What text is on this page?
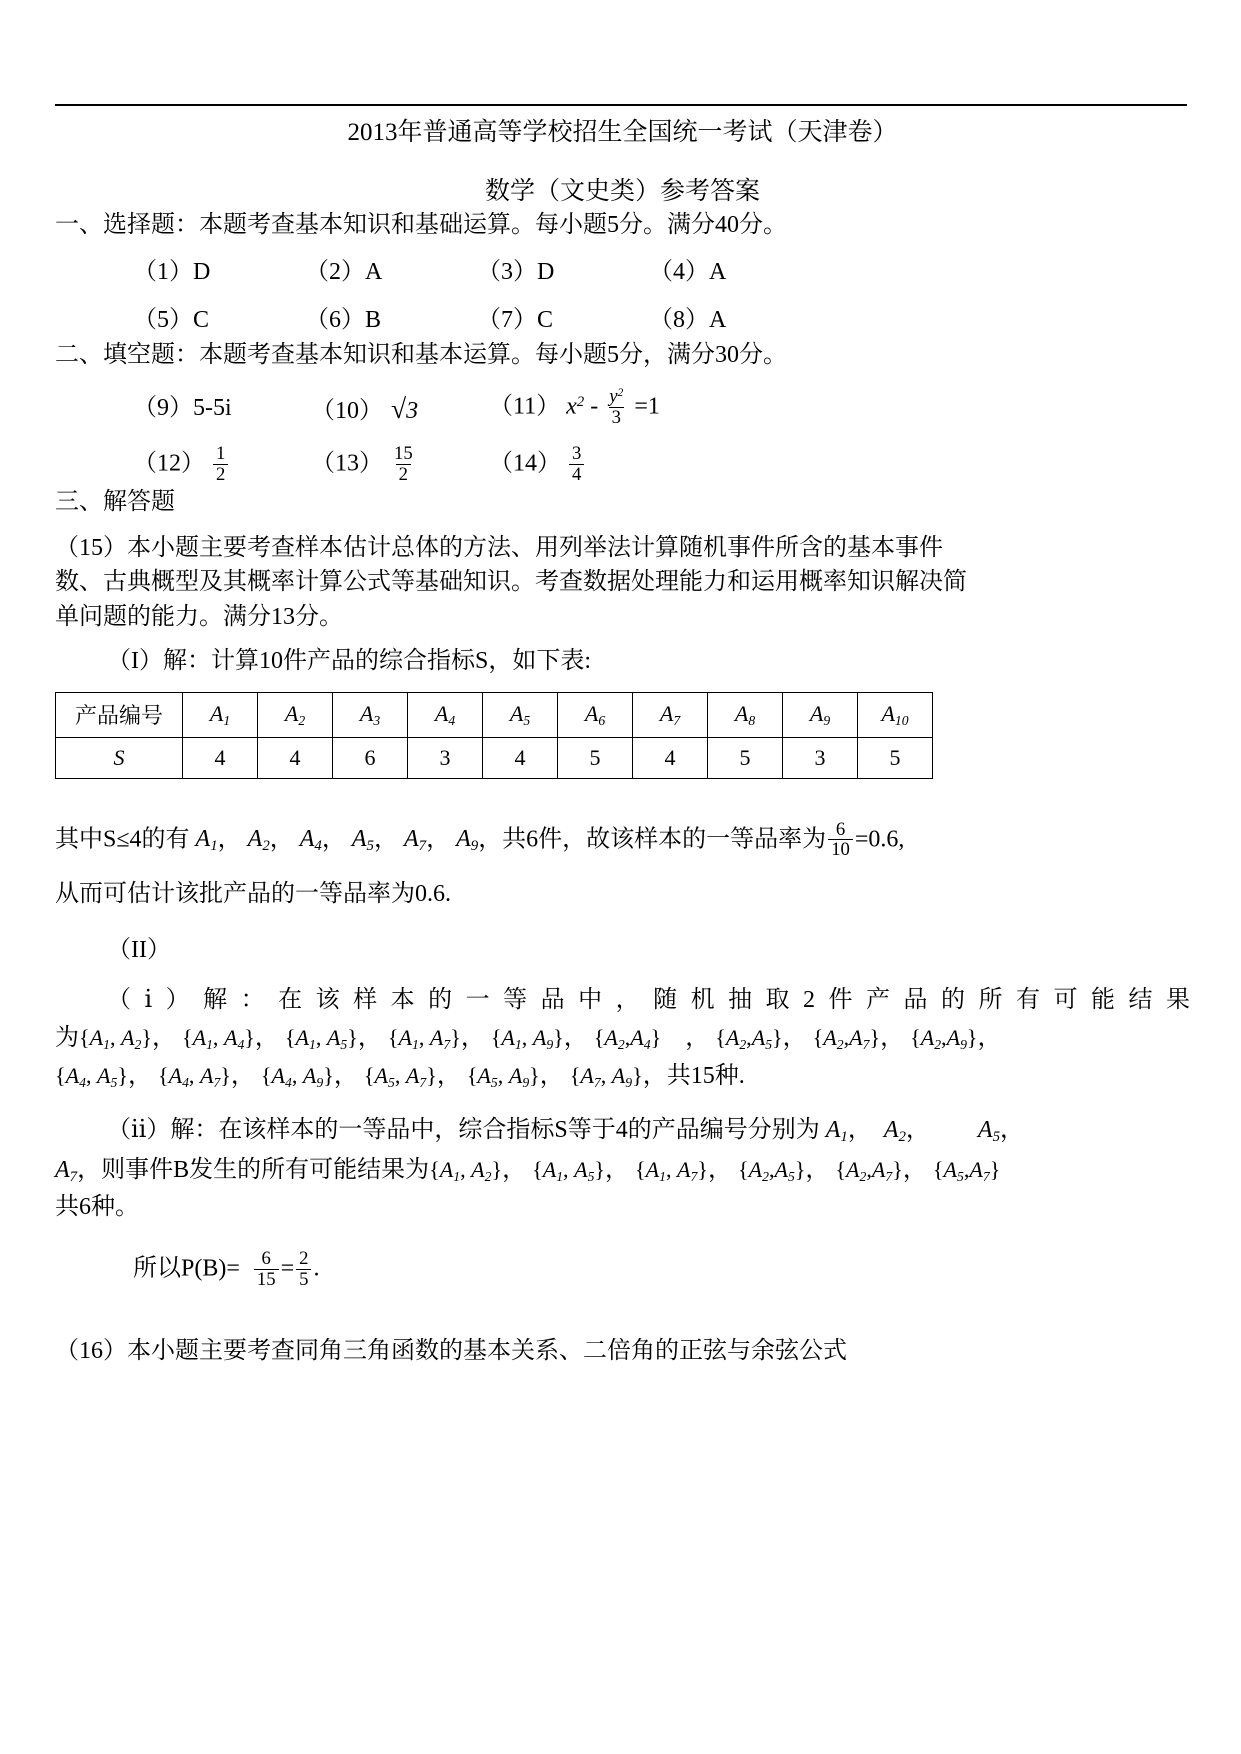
2013年普通高等学校招生全国统一考试（天津卷）
数学（文史类）参考答案

一、选择题：本题考查基本知识和基础运算。每小题5分。满分40分。

（1）D	（2）A	（3）D	（4）A
（5）C	（6）B	（7）C	（8）A

二、填空题：本题考查基本知识和基本运算。每小题5分，满分30分。

（9）5-5i	（10） √3	（11） $x^2 - \frac{y^2}{3} =1$
$(12) \frac{1}{2}$	$(13) \frac{15}{2}$	$(14) \frac{3}{4}$

三、解答题

（15）本小题主要考查样本估计总体的方法、用列举法计算随机事件所含的基本事件

数、古典概型及其概率计算公式等基础知识。考查数据处理能力和运用概率知识解决简

单问题的能力。满分13分。

（I）解：计算10件产品的综合指标S，如下表:

产品编号	$A_1$	$A_2$	$A_3$	$A_4$	$A_5$	$A_6$	$A_7$	$A_8$	$A_9$	$A_{10}$
S	4	4	6	3	4	5	4	5	3	5

其中S≤4的有 $A_1$， $A_2$， $A_4$， $A_5$， $A_7$， $A_9$，共6件，故该样本的一等品率为 $\frac{6}{10} =0.6$,

从而可估计该批产品的一等品率为0.6.

（II）

（ⅰ）解：在该样本的一等品中，随机抽取2件产品的所有可能结果

为{$A_1$, $A_2$}， {$A_1$, $A_4$}， {$A_1$, $A_5$}， {$A_1$, $A_7$}， {$A_1$, $A_9$}， $\{A_2,A_4\}$    ， $\{A_2,A_5\}$， $\{A_2,A_7\}$， $\{A_2,A_9\}$，

{$A_4$, $A_5$}， {$A_4$, $A_7$}， {$A_4$, $A_9$}， {$A_5$, $A_7$}， {$A_5$, $A_9$}， {$A_7$, $A_9$}，共15种.

（ⅱ）解：在该样本的一等品中，综合指标S等于4的产品编号分别为 $A_1$，  $A_2$，        $A_5$，

$A_7$，则事件B发生的所有可能结果为{$A_1$, $A_2$}， {$A_1$, $A_5$}， {$A_1$, $A_7$}， $\{A_2,A_5\}$， $\{A_2,A_7\}$， $\{A_5,A_7\}$

共6种。

所以$P(B)= \frac{6}{15} = \frac{2}{5}$ .

（16）本小题主要考查同角三角函数的基本关系、二倍角的正弦与余弦公式
